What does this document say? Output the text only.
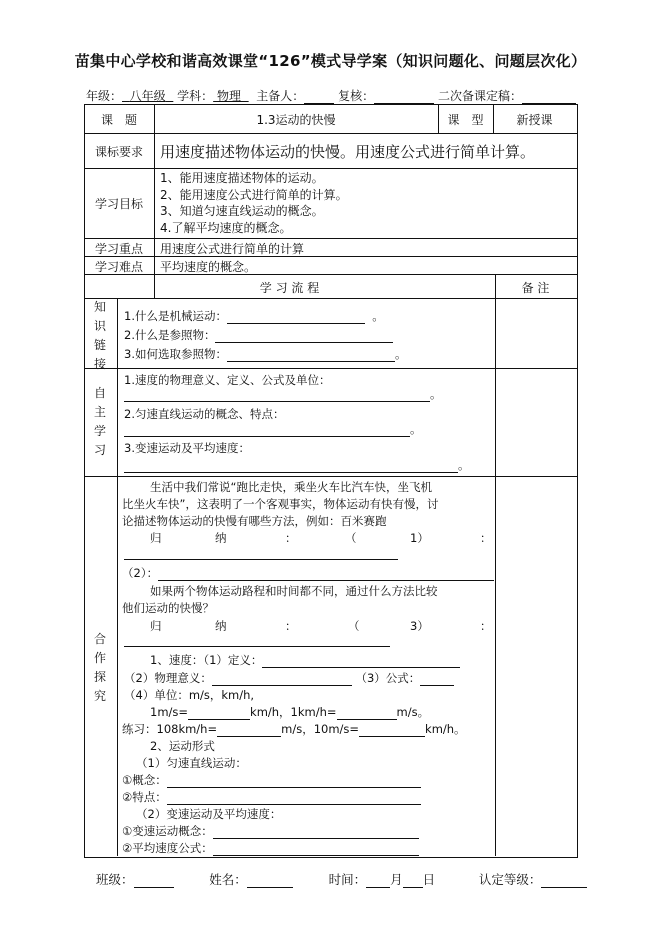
苗集中心学校和谐高效课堂“126”模式导学案（知识问题化、问题层次化）
年级： 八年级 学科： 物理 主备人：	复核：	二次备课定稿：
课　题	1.3运动的快慢	课　型	新授课
课标要求	用速度描述物体运动的快慢。用速度公式进行简单计算。
学习目标
1、能用速度描述物体的运动。
2、能用速度公式进行简单的计算。
3、知道匀速直线运动的概念。
4.了解平均速度的概念。
学习重点	用速度公式进行简单的计算
学习难点	平均速度的概念。
学 习 流 程	备 注
知识链接
1.什么是机械运动：	。
2.什么是参照物：
3.如何选取参照物：	。
自主学习
1.速度的物理意义、定义、公式及单位：
。
2.匀速直线运动的概念、特点：
。
3.变速运动及平均速度：
。
合作探究
生活中我们常说“跑比走快，乘坐火车比汽车快，坐飞机
比坐火车快”，这表明了一个客观事实，物体运动有快有慢，讨
论描述物体运动的快慢有哪些方法，例如：百米赛跑
归	纳	：	（	1）	：
（2）：
如果两个物体运动路程和时间都不同，通过什么方法比较
他们运动的快慢？
归	纳	：	（	3）	：
1、速度：（1）定义：
（2）物理意义：	（3）公式：
（4）单位：m/s，km/h,
1m/s=	km/h，1km/h=	m/s。
练习：108km/h=	m/s，10m/s=	km/h。
2、运动形式
（1）匀速直线运动：
①概念：
②特点：
（2）变速运动及平均速度：
①变速运动概念：
②平均速度公式：
班级：	姓名：	时间： 月 日	认定等级：
